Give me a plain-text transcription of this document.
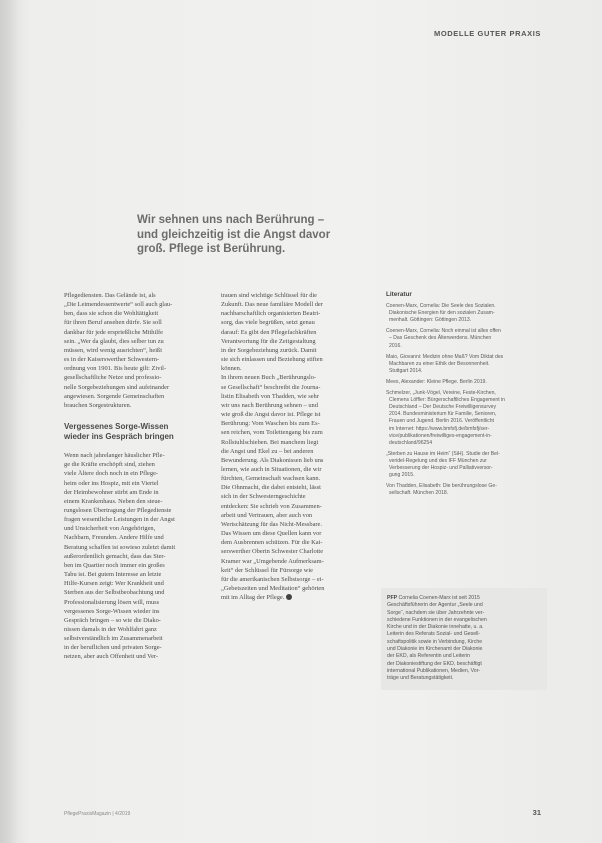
MODELLE GUTER PRAXIS
Wir sehnen uns nach Berührung –
und gleichzeitig ist die Angst davor
groß. Pflege ist Berührung.
Pflegediensten. Das Gelände ist, als
„Die Leimendessentwerte“ soll auch glau-
ben, dass sie schon die Wohltätigkeit
für ihren Beruf ansehen dürfe. Sie soll
dankbar für jede ersprießliche Mithilfe
sein. „Wer da glaubt, dies selber tun zu
müssen, wird wenig ausrichten“, heißt
es in der Kaiserswerther Schwestern-
ordnung von 1901. Bis heute gilt: Zivil-
gesellschaftliche Netze und professio-
nelle Sorgebeziehungen sind aufeinander
angewiesen. Sorgende Gemeinschaften
brauchen Sorgestrukturen.
Vergessenes Sorge-Wissen
wieder ins Gespräch bringen
Wenn nach jahrelanger häuslicher Pfle-
ge die Kräfte erschöpft sind, ziehen
viele Ältere doch noch in ein Pflege-
heim oder ins Hospiz, mit ein Viertel
der Heimbewohner stirbt am Ende in
einem Krankenhaus. Neben den steue-
rungslosen Übertragung der Pflegedienste
fragen wesentliche Leistungen in der Angst
und Unsicherheit von Angehörigen,
Nachbarn, Freunden. Andere Hilfe und
Beratung schaffen ist sowieso zuletzt damit
außerordentlich gemacht, dass das Ster-
ben im Quartier noch immer ein großes
Tabu ist. Bei gutem Interesse an letzte
Hilfe-Kursen zeigt: Wer Krankheit und
Sterben aus der Selbstbeobachtung und
Professionalisierung lösen will, muss
vergessenes Sorge-Wissen wieder ins
Gespräch bringen – so wie die Diako-
nissen damals in der Wohlfahrt ganz
selbstverständlich im Zusammenarbeit
in der beruflichen und privaten Sorge-
netzen, aber auch Offenheit und Ver-
trauen sind wichtige Schlüssel für die
Zukunft. Das neue familiäre Modell der
nachbarschaftlich organisierten Beatri-
sorg, das viele begrüßen, setzt genau
darauf: Es gibt den Pflegefachkräften
Verantwortung für die Zeitgestaltung
in der Sorgebeziehung zurück. Damit
sie sich einlassen und Beziehung stiften
können.
In ihrem neuen Buch „Berührungslo-
se Gesellschaft“ beschreibt die Journa-
listin Elisabeth von Thadden, wie sehr
wir uns nach Berührung sehnen – und
wie groß die Angst davor ist. Pflege ist
Berührung: Vom Waschen bis zum Es-
sen reichen, vom Toilettengang bis zum
Rollstuhlschieben. Bei manchem liegt
die Angst und Ekel zu – bei anderen
Bewunderung. Als Diakonissen lieb uns
lernen, wie auch in Situationen, die wir
fürchten, Gemeinschaft wachsen kann.
Die Ohnmacht, die dabei entsteht, lässt
sich in der Schwesterngeschichte
entdecken: Sie schrieb von Zusammen-
arbeit und Vertrauen, aber auch von
Wertschätzung für das Nicht-Messbare.
Das Wissen um diese Quellen kann vor
dem Ausbrennen schützen. Für die Kai-
serswerther Oberin Schwester Charlotte
Kramer war „Umgebende Aufmerksam-
keit“ der Schlüssel für Fürsorge wie
für die amerikanischen Selbstsorge – ei-
„Gebetszeiten und Meditation“ gehörten
mit im Alltag der Pflege.
Literatur
Coenen-Marx, Cornelia: Die Seele des Sozialen.
Diakonische Energien für den sozialen Zusam-
menhalt. Göttingen: Göttingen 2013.
Coenen-Marx, Cornelia: Noch einmal ist alles offen
– Das Geschenk des Älterwerdens. München
2016.
Maio, Giovanni: Medizin ohne Maß? Vom Diktat des
Machbaren zu einer Ethik der Besonnenheit.
Stuttgart 2014.
Mees, Alexander: Kleine Pflege. Berlin 2019.
Schmelzer, „Junk-Vögel, Vereine, Feste-Kirchen,
Clemens Löffler: Bürgerschaftliches Engagement in
Deutschland – Der Deutsche Freiwilligensurvey
2014. Bundesministerium für Familie, Senioren,
Frauen und Jugend. Berlin 2016. Veröffentlicht
im Internet: https://www.bmfsfj.de/bmfsfj/ser-
vice/publikationen/freiwilliges-engagement-in-
deutschland/96254
„Sterben zu Hause im Heim“ (SiH). Studie der Bel-
veridel-Regelung und des IFF München zur
Verbesserung der Hospiz- und Palliativversor-
gung 2015.
Von Thadden, Elisabeth: Die berührungslose Ge-
sellschaft. München 2018.
PFP Cornelia Coenen-Marx ist seit 2015
Geschäftsführerin der Agentur „Seele und
Sorge“, nachdem sie über Jahrzehnte ver-
schiedene Funktionen in der evangelischen
Kirche und in der Diakonie innehatte, u. a.
Leiterin des Referats Sozial- und Gesell-
schaftspolitik sowie in Verbindung, Kirche
und Diakonie im Kirchenamt der Diakonie
der EKD, als Referentin und Leiterin
der Diakoniestiftung der EKD, beschäftigt
international Publikationen, Medien, Vor-
träge und Beratungstätigkeit.
PflegePraxisMagazin | 4/2019	31
